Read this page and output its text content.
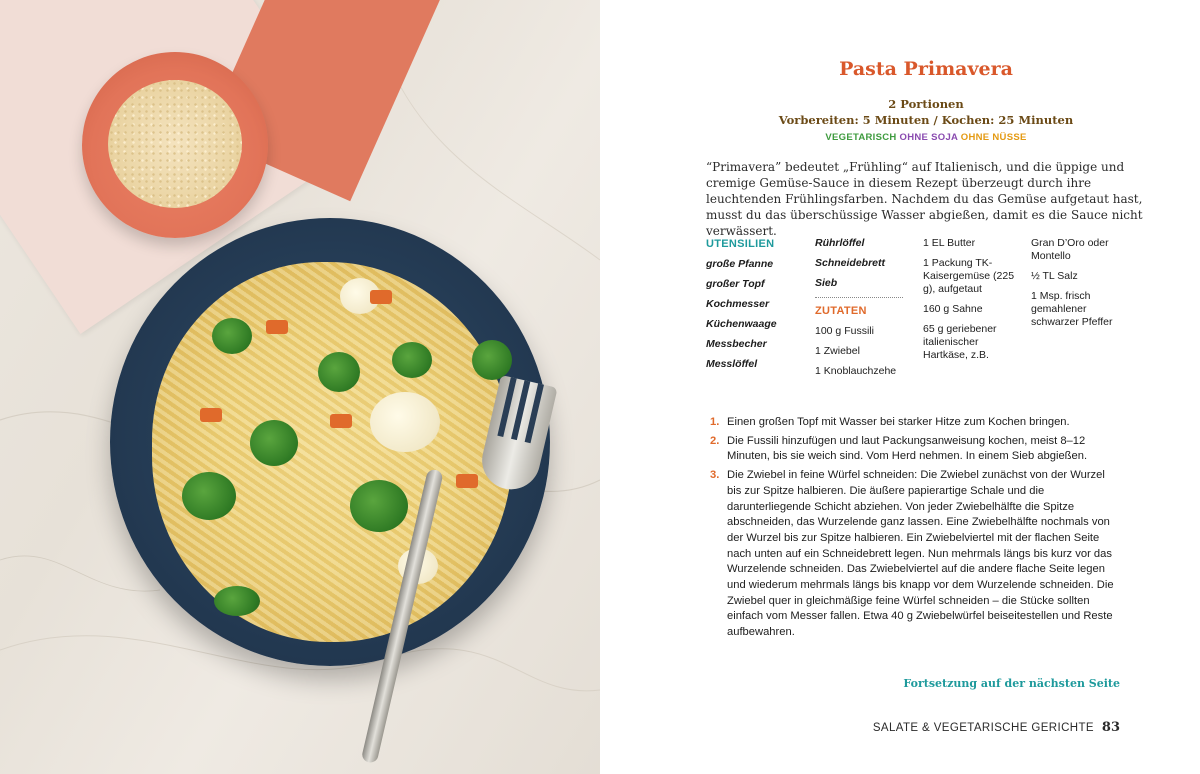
Pasta Primavera
2 Portionen
Vorbereiten: 5 Minuten / Kochen: 25 Minuten
VEGETARISCH OHNE SOJA OHNE NÜSSE
“Primavera” bedeutet „Frühling“ auf Italienisch, und die üppige und cremige Gemüse-Sauce in diesem Rezept überzeugt durch ihre leuchtenden Frühlingsfarben. Nachdem du das Gemüse aufgetaut hast, musst du das überschüssige Wasser abgießen, damit es die Sauce nicht verwässert.
UTENSILIEN
große Pfanne
großer Topf
Kochmesser
Küchenwaage
Messbecher
Messlöffel
Rührlöffel
Schneidebrett
Sieb
ZUTATEN
100 g Fussili
1 Zwiebel
1 Knoblauchzehe
1 EL Butter
1 Packung TK-Kaisergemüse (225 g), aufgetaut
160 g Sahne
65 g geriebener italienischer Hartkäse, z.B.
Gran D’Oro oder Montello
½ TL Salz
1 Msp. frisch gemahlener schwarzer Pfeffer
1. Einen großen Topf mit Wasser bei starker Hitze zum Kochen bringen.
2. Die Fussili hinzufügen und laut Packungsanweisung kochen, meist 8–12 Minuten, bis sie weich sind. Vom Herd nehmen. In einem Sieb abgießen.
3. Die Zwiebel in feine Würfel schneiden: Die Zwiebel zunächst von der Wurzel bis zur Spitze halbieren. Die äußere papierartige Schale und die darunterliegende Schicht abziehen. Von jeder Zwiebelhälfte die Spitze abschneiden, das Wurzelende ganz lassen. Eine Zwiebelhälfte nochmals von der Wurzel bis zur Spitze halbieren. Ein Zwiebelviertel mit der flachen Seite nach unten auf ein Schneidebrett legen. Nun mehrmals längs bis kurz vor das Wurzelende schneiden. Das Zwiebelviertel auf die andere flache Seite legen und wiederum mehrmals längs bis knapp vor dem Wurzelende schneiden. Die Zwiebel quer in gleichmäßige feine Würfel schneiden – die Stücke sollten einfach vom Messer fallen. Etwa 40 g Zwiebelwürfel beiseitestellen und Reste aufbewahren.
Fortsetzung auf der nächsten Seite
SALATE & VEGETARISCHE GERICHTE 83
